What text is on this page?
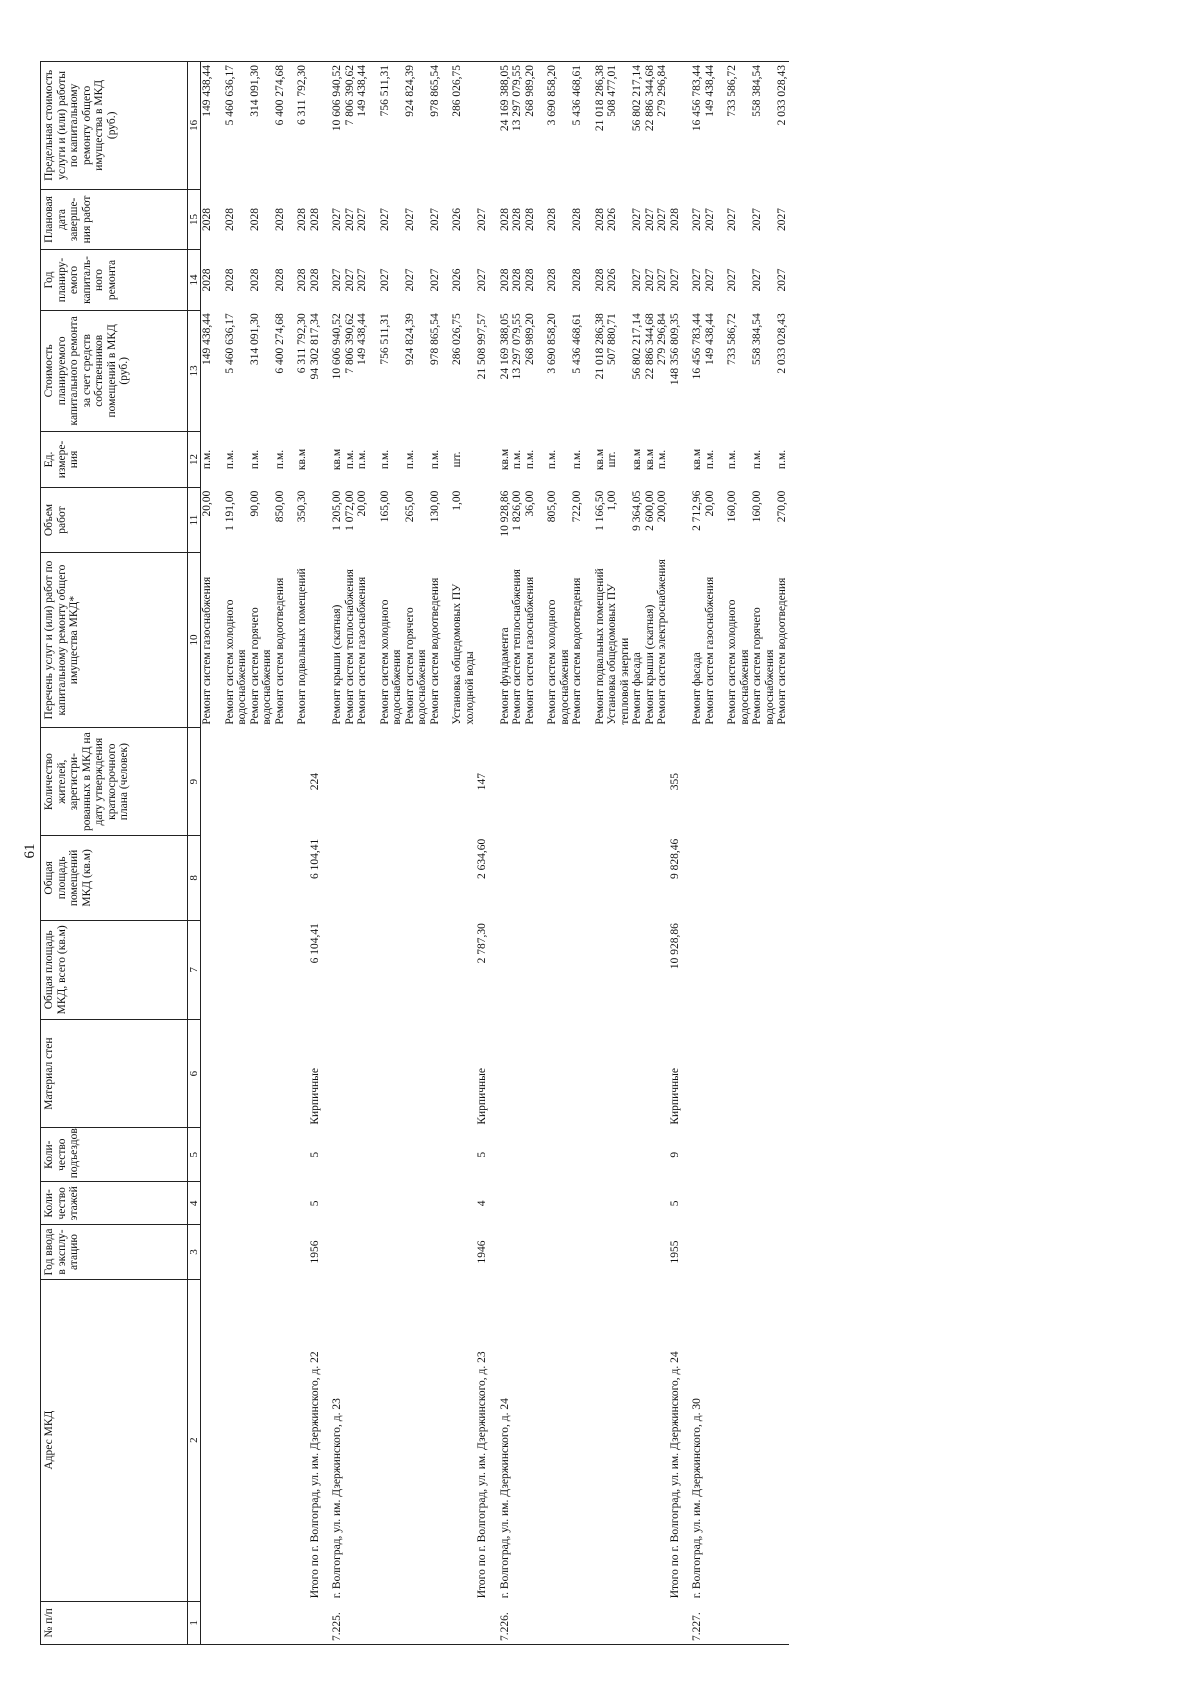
61
№ п/п	Адрес МКД	Год ввода в эксплу-атацию	Коли-чество этажей	Коли-чество подъездов	Материал стен	Общая площадь МКД, всего (кв.м)	Общая площадь помещений МКД (кв.м)	Количество жителей, зарегистри-рованных в МКД на дату утверждения краткосрочного плана (человек)	Перечень услуг и (или) работ по капитальному ремонту общего имущества МКД*	Объем работ	Ед. измере-ния	Стоимость планируемого капитального ремонта за счет средств собственников помещений в МКД (руб.)	Год планиру-емого капиталь-ного ремонта	Плановая дата заверше-ния работ	Предельная стоимость услуги и (или) работы по капитальному ремонту общего имущества в МКД (руб.)
1	2	3	4	5	6	7	8	9	10	11	12	13	14	15	16
									Ремонт систем газоснабжения	20,00	п.м.	149 438,44	2028	2028	149 438,44

									Ремонт систем холодного водоснабжения	1 191,00	п.м.	5 460 636,17	2028	2028	5 460 636,17
									Ремонт систем горячего водоснабжения	90,00	п.м.	314 091,30	2028	2028	314 091,30
									Ремонт систем водоотведения	850,00	п.м.	6 400 274,68	2028	2028	6 400 274,68

									Ремонт подвальных помещений	350,30	кв.м	6 311 792,30	2028	2028	6 311 792,30
	Итого по г. Волгоград, ул. им. Дзержинского, д. 22	1956	5	5	Кирпичные	6 104,41	6 104,41	224				94 302 817,34	2028	2028	

7.225.	г. Волгоград, ул. им. Дзержинского, д. 23								Ремонт крыши (скатная)	1 205,00	кв.м	10 606 940,52	2027	2027	10 606 940,52
									Ремонт систем теплоснабжения	1 072,00	п.м.	7 806 390,62	2027	2027	7 806 390,62
									Ремонт систем газоснабжения	20,00	п.м.	149 438,44	2027	2027	149 438,44

									Ремонт систем холодного водоснабжения	165,00	п.м.	756 511,31	2027	2027	756 511,31
									Ремонт систем горячего водоснабжения	265,00	п.м.	924 824,39	2027	2027	924 824,39
									Ремонт систем водоотведения	130,00	п.м.	978 865,54	2027	2027	978 865,54

									Установка общедомовых ПУ холодной воды	1,00	шт.	286 026,75	2026	2026	286 026,75
	Итого по г. Волгоград, ул. им. Дзержинского, д. 23	1946	4	5	Кирпичные	2 787,30	2 634,60	147				21 508 997,57	2027	2027	

7.226.	г. Волгоград, ул. им. Дзержинского, д. 24								Ремонт фундамента	10 928,86	кв.м	24 169 388,05	2028	2028	24 169 388,05
									Ремонт систем теплоснабжения	1 826,00	п.м.	13 297 079,55	2028	2028	13 297 079,55
									Ремонт систем газоснабжения	36,00	п.м.	268 989,20	2028	2028	268 989,20

									Ремонт систем холодного водоснабжения	805,00	п.м.	3 690 858,20	2028	2028	3 690 858,20
									Ремонт систем водоотведения	722,00	п.м.	5 436 468,61	2028	2028	5 436 468,61

									Ремонт подвальных помещений	1 166,50	кв.м	21 018 286,38	2028	2028	21 018 286,38
									Установка общедомовых ПУ тепловой энергии	1,00	шт.	507 880,71	2026	2026	508 477,01
									Ремонт фасада	9 364,05	кв.м	56 802 217,14	2027	2027	56 802 217,14
									Ремонт крыши (скатная)	2 600,00	кв.м	22 886 344,68	2027	2027	22 886 344,68
									Ремонт систем электроснабжения	200,00	п.м.	279 296,84	2027	2027	279 296,84
	Итого по г. Волгоград, ул. им. Дзержинского, д. 24	1955	5	9	Кирпичные	10 928,86	9 828,46	355				148 356 809,35	2027	2028	

7.227.	г. Волгоград, ул. им. Дзержинского, д. 30								Ремонт фасада	2 712,96	кв.м	16 456 783,44	2027	2027	16 456 783,44
									Ремонт систем газоснабжения	20,00	п.м.	149 438,44	2027	2027	149 438,44

									Ремонт систем холодного водоснабжения	160,00	п.м.	733 586,72	2027	2027	733 586,72
									Ремонт систем горячего водоснабжения	160,00	п.м.	558 384,54	2027	2027	558 384,54
									Ремонт систем водоотведения	270,00	п.м.	2 033 028,43	2027	2027	2 033 028,43
